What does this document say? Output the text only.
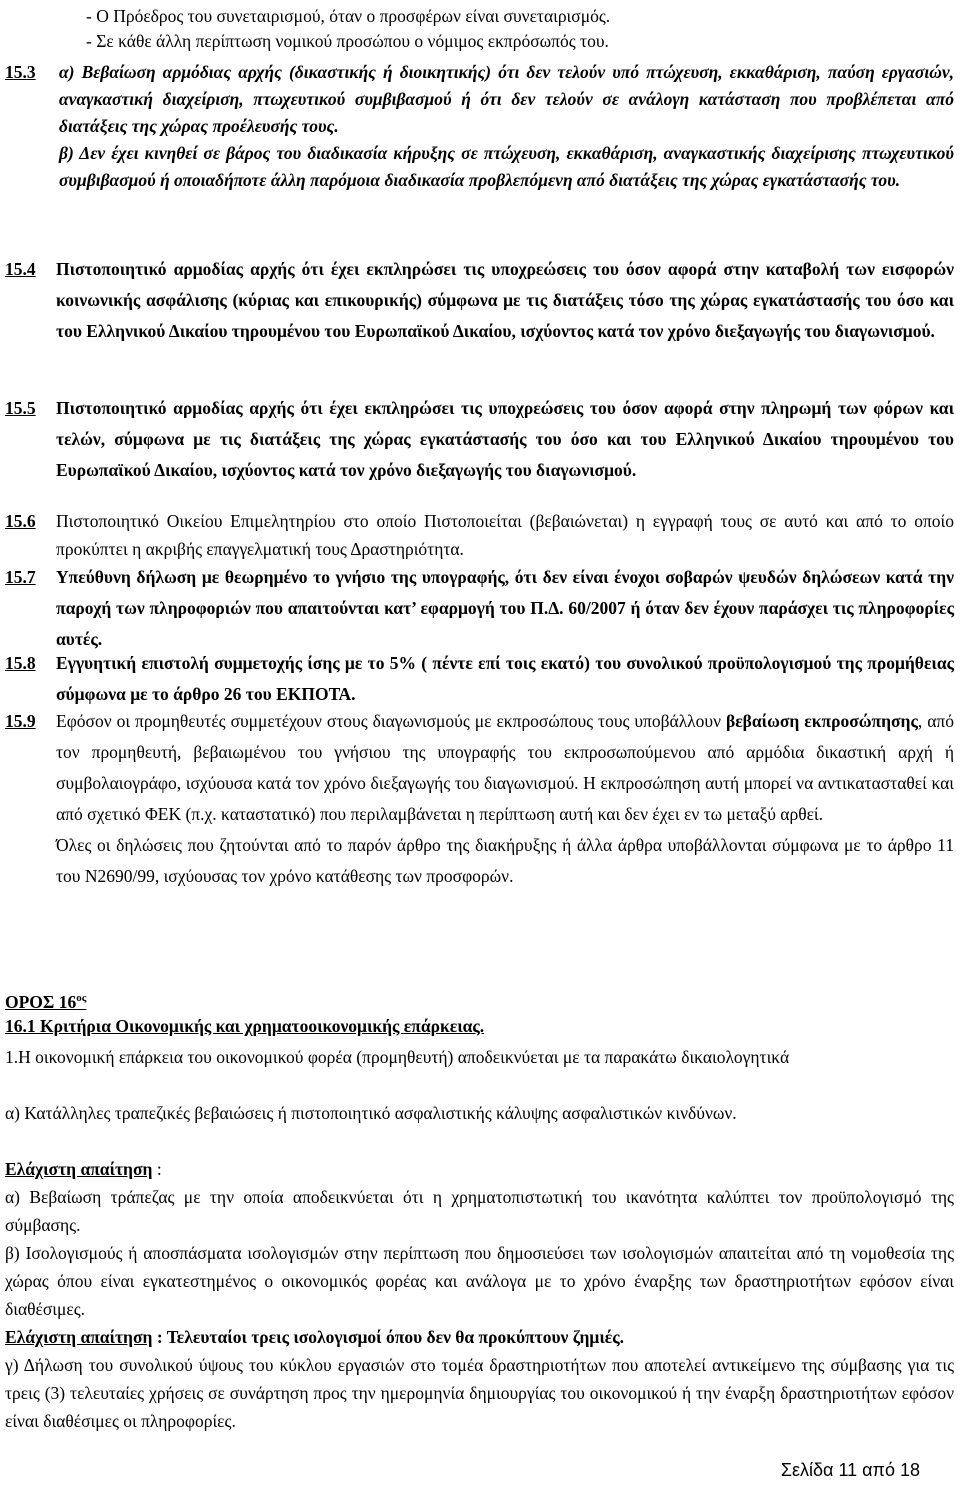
- Ο Πρόεδρος του συνεταιρισμού, όταν ο προσφέρων είναι συνεταιρισμός.

- Σε κάθε άλλη περίπτωση νομικού προσώπου ο νόμιμος εκπρόσωπός του.

15.3	α) Βεβαίωση αρμόδιας αρχής (δικαστικής ή διοικητικής) ότι δεν τελούν υπό πτώχευση, εκκαθάριση, παύση εργασιών, αναγκαστική διαχείριση, πτωχευτικού συμβιβασμού ή ότι δεν τελούν σε ανάλογη κατάσταση που προβλέπεται από διατάξεις της χώρας προέλευσής τους.

β) Δεν έχει κινηθεί σε βάρος του διαδικασία κήρυξης σε πτώχευση, εκκαθάριση, αναγκαστικής διαχείρισης πτωχευτικού συμβιβασμού ή οποιαδήποτε άλλη παρόμοια διαδικασία προβλεπόμενη από διατάξεις της χώρας εγκατάστασής του.

15.4 Πιστοποιητικό αρμοδίας αρχής ότι έχει εκπληρώσει τις υποχρεώσεις του όσον αφορά στην καταβολή των εισφορών κοινωνικής ασφάλισης (κύριας και επικουρικής) σύμφωνα με τις διατάξεις τόσο της χώρας εγκατάστασής του όσο και του Ελληνικού Δικαίου τηρουμένου του Ευρωπαϊκού Δικαίου, ισχύοντος κατά τον χρόνο διεξαγωγής του διαγωνισμού.

15.5 Πιστοποιητικό αρμοδίας αρχής ότι έχει εκπληρώσει τις υποχρεώσεις του όσον αφορά στην πληρωμή των φόρων και τελών, σύμφωνα με τις διατάξεις της χώρας εγκατάστασής του όσο και του Ελληνικού Δικαίου τηρουμένου του Ευρωπαϊκού Δικαίου, ισχύοντος κατά τον χρόνο διεξαγωγής του διαγωνισμού.

15.6 Πιστοποιητικό Οικείου Επιμελητηρίου στο οποίο Πιστοποιείται (βεβαιώνεται) η εγγραφή τους σε αυτό και από το οποίο προκύπτει η ακριβής επαγγελματική τους Δραστηριότητα.

15.7 Υπεύθυνη δήλωση με θεωρημένο το γνήσιο της υπογραφής, ότι δεν είναι ένοχοι σοβαρών ψευδών δηλώσεων κατά την παροχή των πληροφοριών που απαιτούνται κατ’ εφαρμογή του Π.Δ. 60/2007 ή όταν δεν έχουν παράσχει τις πληροφορίες αυτές.

15.8 Εγγυητική επιστολή συμμετοχής ίσης με το 5% ( πέντε επί τοις εκατό) του συνολικού προϋπολογισμού της προμήθειας σύμφωνα με το άρθρο 26 του ΕΚΠΟΤΑ.

15.9 Εφόσον οι προμηθευτές συμμετέχουν στους διαγωνισμούς με εκπροσώπους τους υποβάλλουν βεβαίωση εκπροσώπησης, από τον προμηθευτή, βεβαιωμένου του γνήσιου της υπογραφής του εκπροσωπούμενου από αρμόδια δικαστική αρχή ή συμβολαιογράφο, ισχύουσα κατά τον χρόνο διεξαγωγής του διαγωνισμού. Η εκπροσώπηση αυτή μπορεί να αντικατασταθεί και από σχετικό ΦΕΚ (π.χ. καταστατικό) που περιλαμβάνεται η περίπτωση αυτή και δεν έχει εν τω μεταξύ αρθεί.

Όλες οι δηλώσεις που ζητούνται από το παρόν άρθρο της διακήρυξης ή άλλα άρθρα υποβάλλονται σύμφωνα με το άρθρο 11 του Ν2690/99, ισχύουσας τον χρόνο κατάθεσης των προσφορών.

ΟΡΟΣ $16^{o\varsigma}$
16.1 Κριτήρια Οικονομικής και χρηματοοικονομικής επάρκειας.
1.Η οικονομική επάρκεια του οικονομικού φορέα (προμηθευτή) αποδεικνύεται με τα παρακάτω δικαιολογητικά
α) Κατάλληλες τραπεζικές βεβαιώσεις ή πιστοποιητικό ασφαλιστικής κάλυψης ασφαλιστικών κινδύνων.
Ελάχιστη απαίτηση :
α) Βεβαίωση τράπεζας με την οποία αποδεικνύεται ότι η χρηματοπιστωτική του ικανότητα καλύπτει τον προϋπολογισμό της σύμβασης.
β) Ισολογισμούς ή αποσπάσματα ισολογισμών στην περίπτωση που δημοσιεύσει των ισολογισμών απαιτείται από τη νομοθεσία της χώρας όπου είναι εγκατεστημένος ο οικονομικός φορέας και ανάλογα με το χρόνο έναρξης των δραστηριοτήτων εφόσον είναι διαθέσιμες.
Ελάχιστη απαίτηση : Τελευταίοι τρεις ισολογισμοί όπου δεν θα προκύπτουν ζημιές.
γ) Δήλωση του συνολικού ύψους του κύκλου εργασιών στο τομέα δραστηριοτήτων που αποτελεί αντικείμενο της σύμβασης για τις τρεις (3) τελευταίες χρήσεις σε συνάρτηση προς την ημερομηνία δημιουργίας του οικονομικού ή την έναρξη δραστηριοτήτων εφόσον είναι διαθέσιμες οι πληροφορίες.
Σελίδα 11 από 18
